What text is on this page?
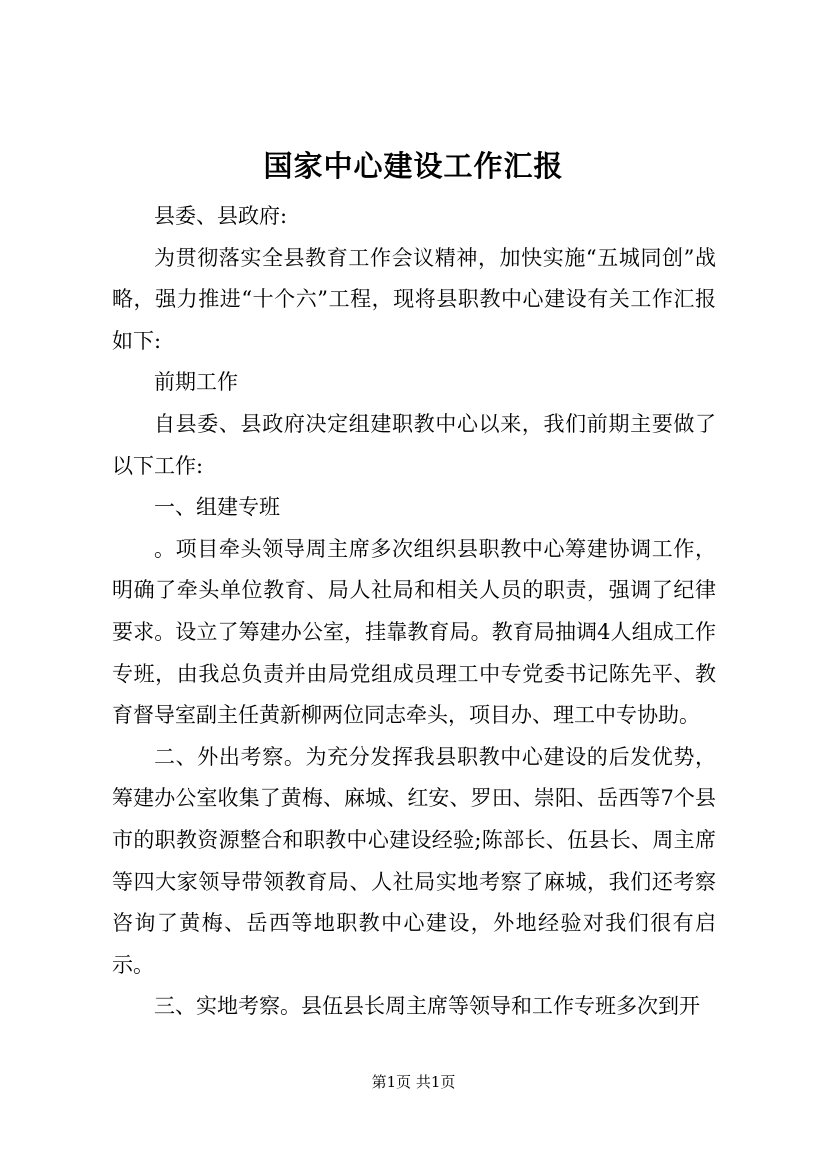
国家中心建设工作汇报

县委、县政府:

为贯彻落实全县教育工作会议精神，加快实施“五城同创”战略，强力推进“十个六”工程，现将县职教中心建设有关工作汇报如下:

前期工作

自县委、县政府决定组建职教中心以来，我们前期主要做了以下工作:

一、组建专班

。项目牵头领导周主席多次组织县职教中心筹建协调工作，明确了牵头单位教育、局人社局和相关人员的职责，强调了纪律要求。设立了筹建办公室，挂靠教育局。教育局抽调4人组成工作专班，由我总负责并由局党组成员理工中专党委书记陈先平、教育督导室副主任黄新柳两位同志牵头，项目办、理工中专协助。

二、外出考察。为充分发挥我县职教中心建设的后发优势，筹建办公室收集了黄梅、麻城、红安、罗田、崇阳、岳西等7个县市的职教资源整合和职教中心建设经验;陈部长、伍县长、周主席等四大家领导带领教育局、人社局实地考察了麻城，我们还考察咨询了黄梅、岳西等地职教中心建设，外地经验对我们很有启示。

三、实地考察。县伍县长周主席等领导和工作专班多次到开

第1页 共1页
